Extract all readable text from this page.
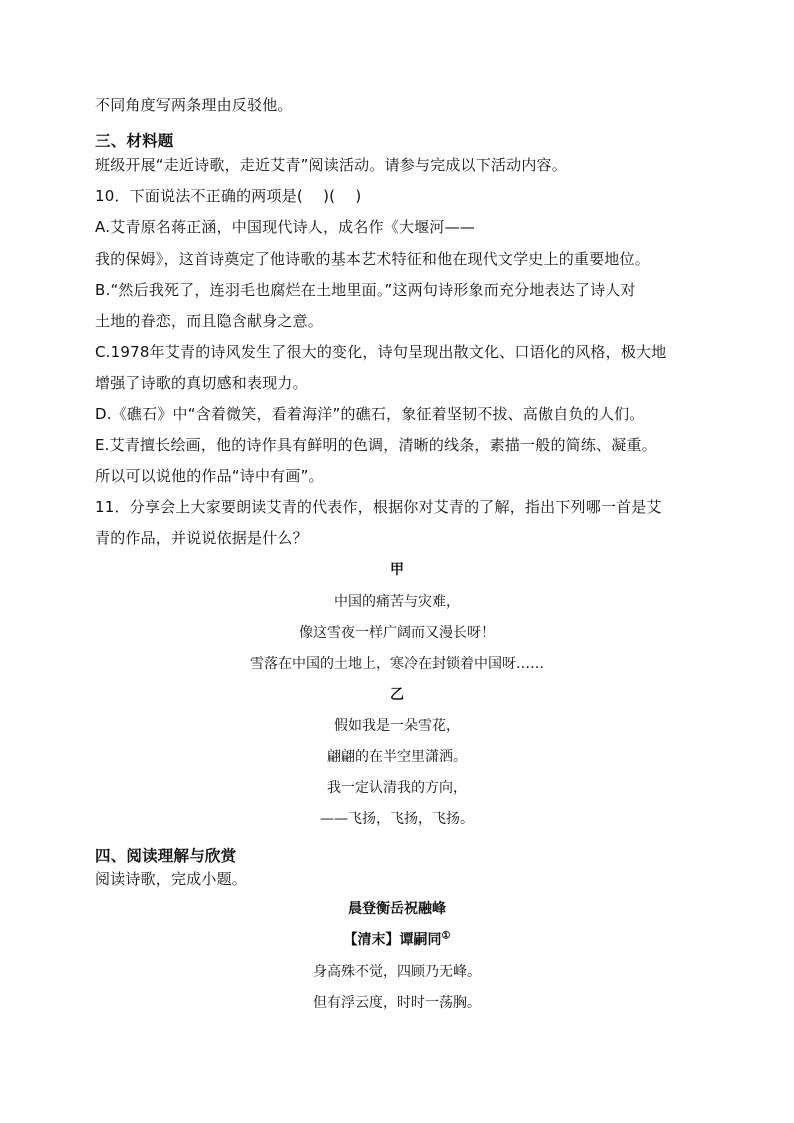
不同角度写两条理由反驳他。
三、材料题
班级开展“走近诗歌，走近艾青”阅读活动。请参与完成以下活动内容。
10．下面说法不正确的两项是(　 )(　 )
A.艾青原名蒋正涵，中国现代诗人，成名作《大堰河——
我的保姆》，这首诗奠定了他诗歌的基本艺术特征和他在现代文学史上的重要地位。
B.“然后我死了，连羽毛也腐烂在土地里面。”这两句诗形象而充分地表达了诗人对
土地的眷恋，而且隐含献身之意。
C.1978年艾青的诗风发生了很大的变化，诗句呈现出散文化、口语化的风格，极大地
增强了诗歌的真切感和表现力。
D.《礁石》中“含着微笑，看着海洋”的礁石，象征着坚韧不拔、高傲自负的人们。
E.艾青擅长绘画，他的诗作具有鲜明的色调，清晰的线条，素描一般的简练、凝重。
所以可以说他的作品“诗中有画”。
11．分享会上大家要朗读艾青的代表作，根据你对艾青的了解，指出下列哪一首是艾
青的作品，并说说依据是什么？
甲
中国的痛苦与灾难，
像这雪夜一样广阔而又漫长呀！
雪落在中国的土地上，寒冷在封锁着中国呀……
乙
假如我是一朵雪花，
翩翩的在半空里潇洒。
我一定认清我的方向，
——飞扬，飞扬，飞扬。
四、阅读理解与欣赏
阅读诗歌，完成小题。
晨登衡岳祝融峰
【清末】谭嗣同①
身高殊不觉，四顾乃无峰。
但有浮云度，时时一荡胸。
